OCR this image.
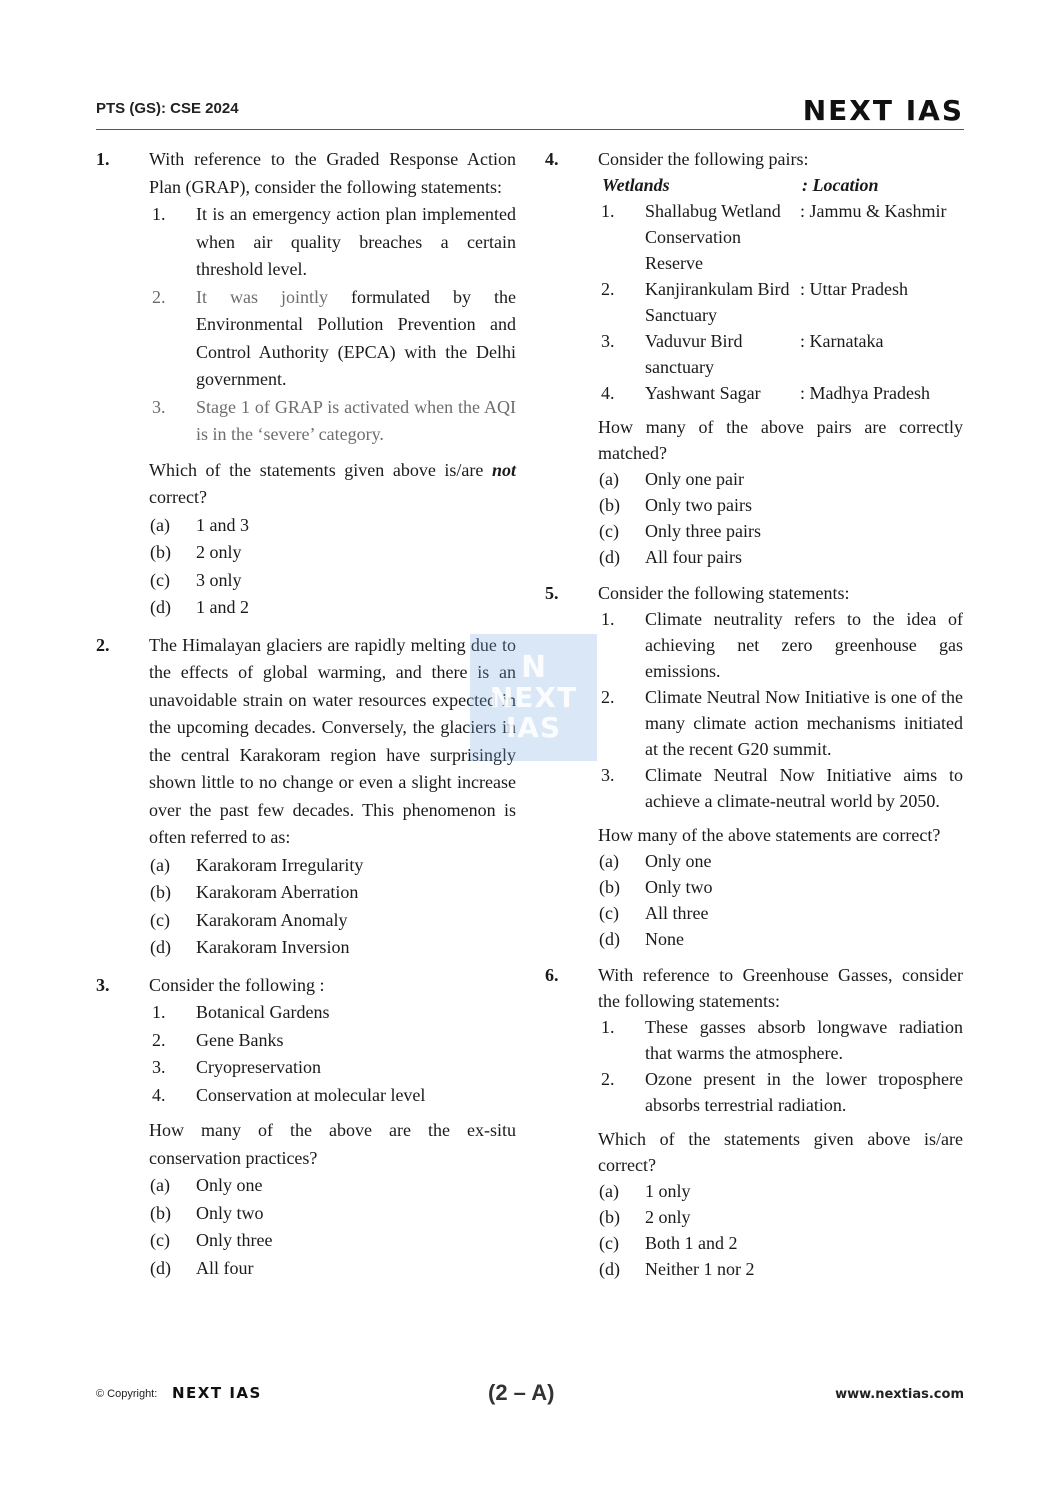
PTS (GS): CSE 2024	NEXT IAS
1. With reference to the Graded Response Action Plan (GRAP), consider the following statements:
1. It is an emergency action plan implemented when air quality breaches a certain threshold level.
2. It was jointly formulated by the Environmental Pollution Prevention and Control Authority (EPCA) with the Delhi government.
3. Stage 1 of GRAP is activated when the AQI is in the ‘severe’ category.
Which of the statements given above is/are not correct?
(a) 1 and 3
(b) 2 only
(c) 3 only
(d) 1 and 2
2. The Himalayan glaciers are rapidly melting due to the effects of global warming, and there is an unavoidable strain on water resources expected in the upcoming decades. Conversely, the glaciers in the central Karakoram region have surprisingly shown little to no change or even a slight increase over the past few decades. This phenomenon is often referred to as:
(a) Karakoram Irregularity
(b) Karakoram Aberration
(c) Karakoram Anomaly
(d) Karakoram Inversion
3. Consider the following :
1. Botanical Gardens
2. Gene Banks
3. Cryopreservation
4. Conservation at molecular level
How many of the above are the ex-situ conservation practices?
(a) Only one
(b) Only two
(c) Only three
(d) All four
4. Consider the following pairs:
Wetlands	: Location
1. Shallabug Wetland Conservation Reserve
: Jammu & Kashmir
2. Kanjirankulam Bird Sanctuary
: Uttar Pradesh
3. Vaduvur Bird sanctuary
: Karnataka
4. Yashwant Sagar	: Madhya Pradesh
How many of the above pairs are correctly matched?
(a) Only one pair
(b) Only two pairs
(c) Only three pairs
(d) All four pairs
5. Consider the following statements:
1. Climate neutrality refers to the idea of achieving net zero greenhouse gas emissions.
2. Climate Neutral Now Initiative is one of the many climate action mechanisms initiated at the recent G20 summit.
3. Climate Neutral Now Initiative aims to achieve a climate-neutral world by 2050.
How many of the above statements are correct?
(a) Only one
(b) Only two
(c) All three
(d) None
6. With reference to Greenhouse Gasses, consider the following statements:
1. These gasses absorb longwave radiation that warms the atmosphere.
2. Ozone present in the lower troposphere absorbs terrestrial radiation.
Which of the statements given above is/are correct?
(a) 1 only
(b) 2 only
(c) Both 1 and 2
(d) Neither 1 nor 2
N
NEXT
IAS
© Copyright: NEXT IAS	(2 – A)	www.nextias.com
